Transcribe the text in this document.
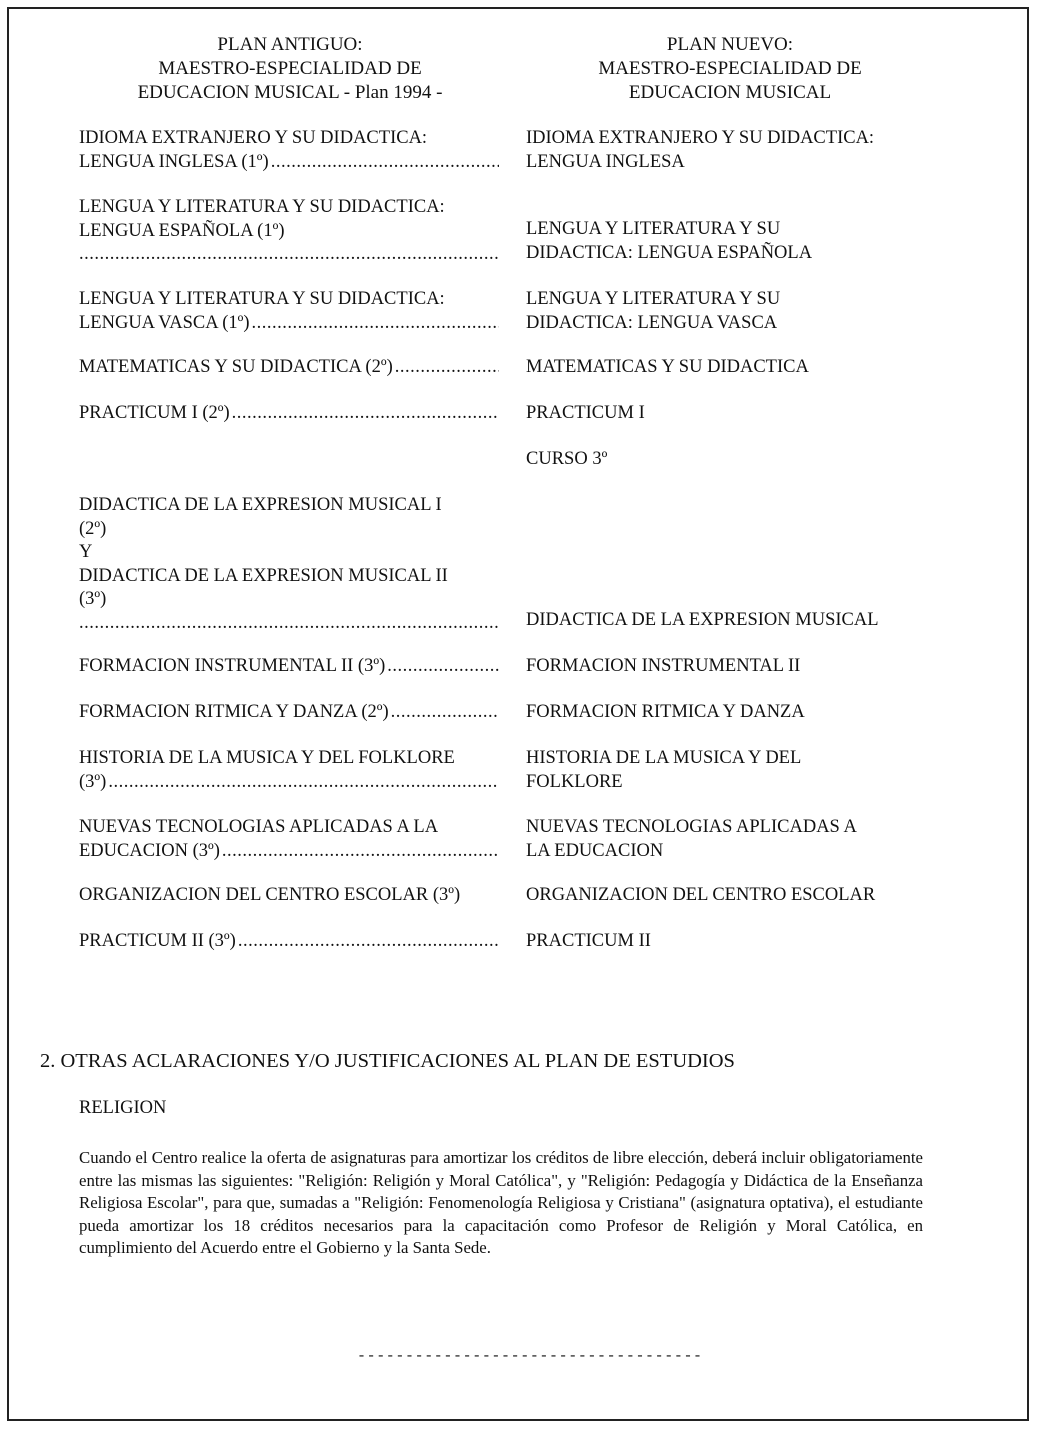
PLAN ANTIGUO:
MAESTRO-ESPECIALIDAD DE
EDUCACION MUSICAL - Plan 1994 -
PLAN NUEVO:
MAESTRO-ESPECIALIDAD DE
EDUCACION MUSICAL
IDIOMA EXTRANJERO Y SU DIDACTICA:
LENGUA INGLESA (1º)
.....
LENGUA Y LITERATURA Y SU DIDACTICA:
LENGUA ESPAÑOLA (1º)
.....
LENGUA Y LITERATURA Y SU DIDACTICA:
LENGUA VASCA (1º)
.....
MATEMATICAS Y SU DIDACTICA (2º)
.....
PRACTICUM I (2º)
.....
DIDACTICA DE LA EXPRESION MUSICAL I
(2º)
Y
DIDACTICA DE LA EXPRESION MUSICAL II
(3º)
.....
FORMACION INSTRUMENTAL II (3º)
.....
FORMACION RITMICA Y DANZA (2º)
.....
HISTORIA DE LA MUSICA Y DEL FOLKLORE
(3º)
.....
NUEVAS TECNOLOGIAS APLICADAS A LA
EDUCACION (3º)
.....
ORGANIZACION DEL CENTRO ESCOLAR (3º)
PRACTICUM II (3º)
.....
IDIOMA EXTRANJERO Y SU DIDACTICA:
LENGUA INGLESA
LENGUA Y LITERATURA Y SU
DIDACTICA: LENGUA ESPAÑOLA
LENGUA Y LITERATURA Y SU
DIDACTICA: LENGUA VASCA
MATEMATICAS Y SU DIDACTICA
PRACTICUM I
CURSO 3º
DIDACTICA DE LA EXPRESION MUSICAL
FORMACION INSTRUMENTAL II
FORMACION RITMICA Y DANZA
HISTORIA DE LA MUSICA Y DEL
FOLKLORE
NUEVAS TECNOLOGIAS APLICADAS A
LA EDUCACION
ORGANIZACION DEL CENTRO ESCOLAR
PRACTICUM II
2. OTRAS ACLARACIONES Y/O JUSTIFICACIONES AL PLAN DE ESTUDIOS
RELIGION
Cuando el Centro realice la oferta de asignaturas para amortizar los créditos de libre elección, deberá incluir obligatoriamente entre las mismas las siguientes: "Religión: Religión y Moral Católica", y "Religión: Pedagogía y Didáctica de la Enseñanza Religiosa Escolar", para que, sumadas a "Religión: Fenomenología Religiosa y Cristiana" (asignatura optativa), el estudiante pueda amortizar los 18 créditos necesarios para la capacitación como Profesor de Religión y Moral Católica, en cumplimiento del Acuerdo entre el Gobierno y la Santa Sede.
------------------------------------
